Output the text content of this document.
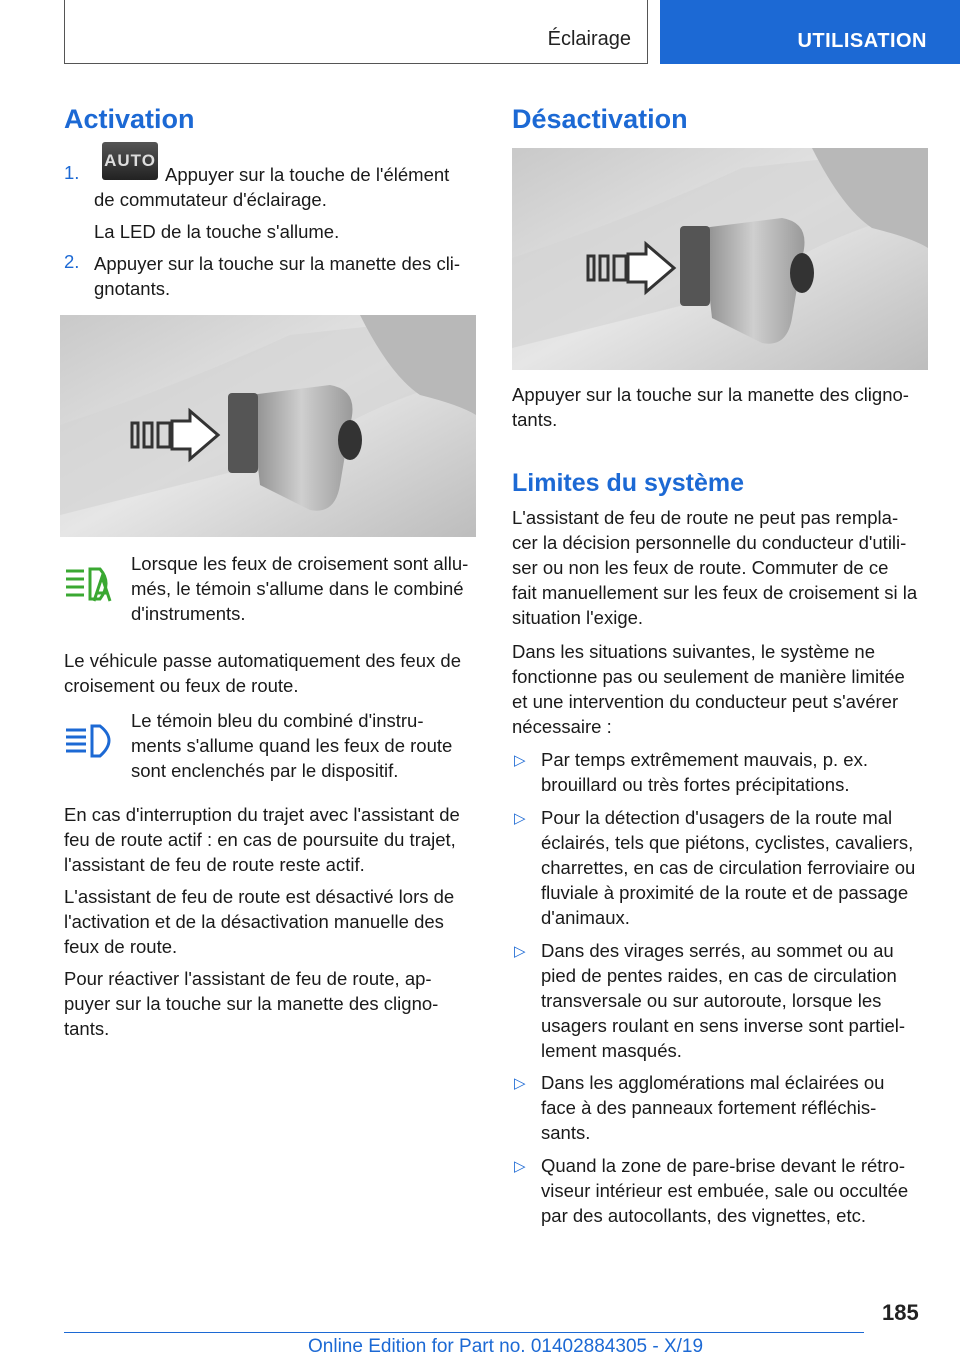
Éclairage	UTILISATION
Activation
1.
AUTO

Appuyer sur la touche de l'élément

de commutateur d'éclairage.

La LED de la touche s'allume.

2. Appuyer sur la touche sur la manette des cli-

gnotants.

Lorsque les feux de croisement sont allu-

més, le témoin s'allume dans le combiné

d'instruments.

Le véhicule passe automatiquement des feux de

croisement ou feux de route.

Le témoin bleu du combiné d'instru-

ments s'allume quand les feux de route

sont enclenchés par le dispositif.

En cas d'interruption du trajet avec l'assistant de

feu de route actif : en cas de poursuite du trajet,

l'assistant de feu de route reste actif.

L'assistant de feu de route est désactivé lors de

l'activation et de la désactivation manuelle des

feux de route.

Pour réactiver l'assistant de feu de route, ap-

puyer sur la touche sur la manette des cligno-

tants.

Désactivation

Appuyer sur la touche sur la manette des cligno-

tants.

Limites du système

L'assistant de feu de route ne peut pas rempla-

cer la décision personnelle du conducteur d'utili-

ser ou non les feux de route. Commuter de ce

fait manuellement sur les feux de croisement si la

situation l'exige.

Dans les situations suivantes, le système ne

fonctionne pas ou seulement de manière limitée

et une intervention du conducteur peut s'avérer

nécessaire :

▷ Par temps extrêmement mauvais, p. ex.

brouillard ou très fortes précipitations.

▷ Pour la détection d'usagers de la route mal

éclairés, tels que piétons, cyclistes, cavaliers,

charrettes, en cas de circulation ferroviaire ou

fluviale à proximité de la route et de passage

d'animaux.

▷ Dans des virages serrés, au sommet ou au

pied de pentes raides, en cas de circulation

transversale ou sur autoroute, lorsque les

usagers roulant en sens inverse sont partiel-

lement masqués.

▷ Dans les agglomérations mal éclairées ou

face à des panneaux fortement réfléchis-

sants.

▷ Quand la zone de pare-brise devant le rétro-

viseur intérieur est embuée, sale ou occultée

par des autocollants, des vignettes, etc.

185
Online Edition for Part no. 01402884305 - X/19
